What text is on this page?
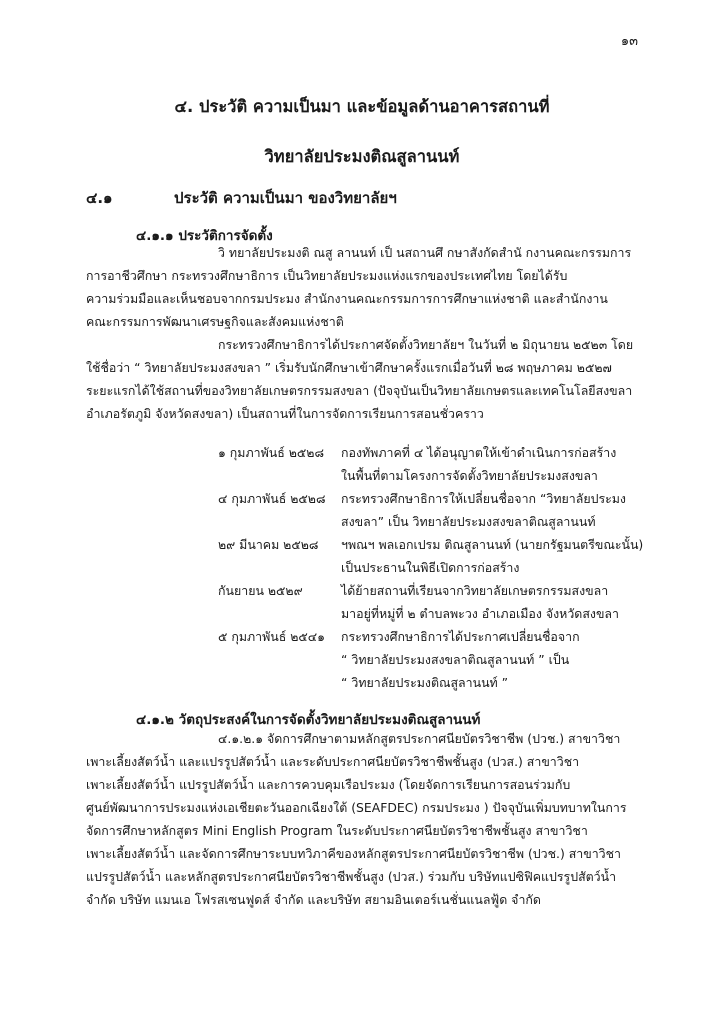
๑๓
๔. ประวัติ ความเป็นมา และข้อมูลด้านอาคารสถานที่
วิทยาลัยประมงติณสูลานนท์
๔.๑	ประวัติ ความเป็นมา ของวิทยาลัยฯ
๔.๑.๑ ประวัติการจัดตั้ง
วิ ทยาลัยประมงติ ณสู ลานนท์ เป็ นสถานศึ กษาสังกัดสำนั กงานคณะกรรมการ
การอาชีวศึกษา กระทรวงศึกษาธิการ เป็นวิทยาลัยประมงแห่งแรกของประเทศไทย โดยได้รับ
ความร่วมมือและเห็นชอบจากกรมประมง สำนักงานคณะกรรมการการศึกษาแห่งชาติ และสำนักงาน
คณะกรรมการพัฒนาเศรษฐกิจและสังคมแห่งชาติ
กระทรวงศึกษาธิการได้ประกาศจัดตั้งวิทยาลัยฯ ในวันที่ ๒ มิถุนายน ๒๕๒๓ โดย
ใช้ชื่อว่า “ วิทยาลัยประมงสงขลา ” เริ่มรับนักศึกษาเข้าศึกษาครั้งแรกเมื่อวันที่ ๒๘ พฤษภาคม ๒๕๒๗
ระยะแรกได้ใช้สถานที่ของวิทยาลัยเกษตรกรรมสงขลา (ปัจจุบันเป็นวิทยาลัยเกษตรและเทคโนโลยีสงขลา
อำเภอรัตภูมิ จังหวัดสงขลา) เป็นสถานที่ในการจัดการเรียนการสอนชั่วคราว
๑ กุมภาพันธ์ ๒๕๒๘ กองทัพภาคที่ ๔ ได้อนุญาตให้เข้าดำเนินการก่อสร้าง
ในพื้นที่ตามโครงการจัดตั้งวิทยาลัยประมงสงขลา
๔ กุมภาพันธ์ ๒๕๒๘ กระทรวงศึกษาธิการให้เปลี่ยนชื่อจาก “วิทยาลัยประมง
สงขลา” เป็น วิทยาลัยประมงสงขลาติณสูลานนท์
๒๙ มีนาคม ๒๕๒๘ ฯพณฯ พลเอกเปรม ติณสูลานนท์ (นายกรัฐมนตรีขณะนั้น)
เป็นประธานในพิธีเปิดการก่อสร้าง
กันยายน ๒๕๒๙	ได้ย้ายสถานที่เรียนจากวิทยาลัยเกษตรกรรมสงขลา
มาอยู่ที่หมู่ที่ ๒ ตำบลพะวง อำเภอเมือง จังหวัดสงขลา
๕ กุมภาพันธ์ ๒๕๔๑ กระทรวงศึกษาธิการได้ประกาศเปลี่ยนชื่อจาก
“ วิทยาลัยประมงสงขลาติณสูลานนท์ ” เป็น
“ วิทยาลัยประมงติณสูลานนท์ ”
๔.๑.๒ วัตถุประสงค์ในการจัดตั้งวิทยาลัยประมงติณสูลานนท์
๔.๑.๒.๑ จัดการศึกษาตามหลักสูตรประกาศนียบัตรวิชาชีพ (ปวช.) สาขาวิชา
เพาะเลี้ยงสัตว์น้ำ และแปรรูปสัตว์น้ำ และระดับประกาศนียบัตรวิชาชีพชั้นสูง (ปวส.) สาขาวิชา
เพาะเลี้ยงสัตว์น้ำ แปรรูปสัตว์น้ำ และการควบคุมเรือประมง (โดยจัดการเรียนการสอนร่วมกับ
ศูนย์พัฒนาการประมงแห่งเอเชียตะวันออกเฉียงใต้ (SEAFDEC) กรมประมง ) ปัจจุบันเพิ่มบทบาทในการ
จัดการศึกษาหลักสูตร Mini English Program ในระดับประกาศนียบัตรวิชาชีพชั้นสูง สาขาวิชา
เพาะเลี้ยงสัตว์น้ำ และจัดการศึกษาระบบทวิภาคีของหลักสูตรประกาศนียบัตรวิชาชีพ (ปวช.) สาขาวิชา
แปรรูปสัตว์น้ำ และหลักสูตรประกาศนียบัตรวิชาชีพชั้นสูง (ปวส.) ร่วมกับ บริษัทแปซิฟิคแปรรูปสัตว์น้ำ
จำกัด บริษัท แมนเอ โฟรสเซนฟูดส์ จำกัด และบริษัท สยามอินเตอร์เนชั่นแนลฟู้ด จำกัด
